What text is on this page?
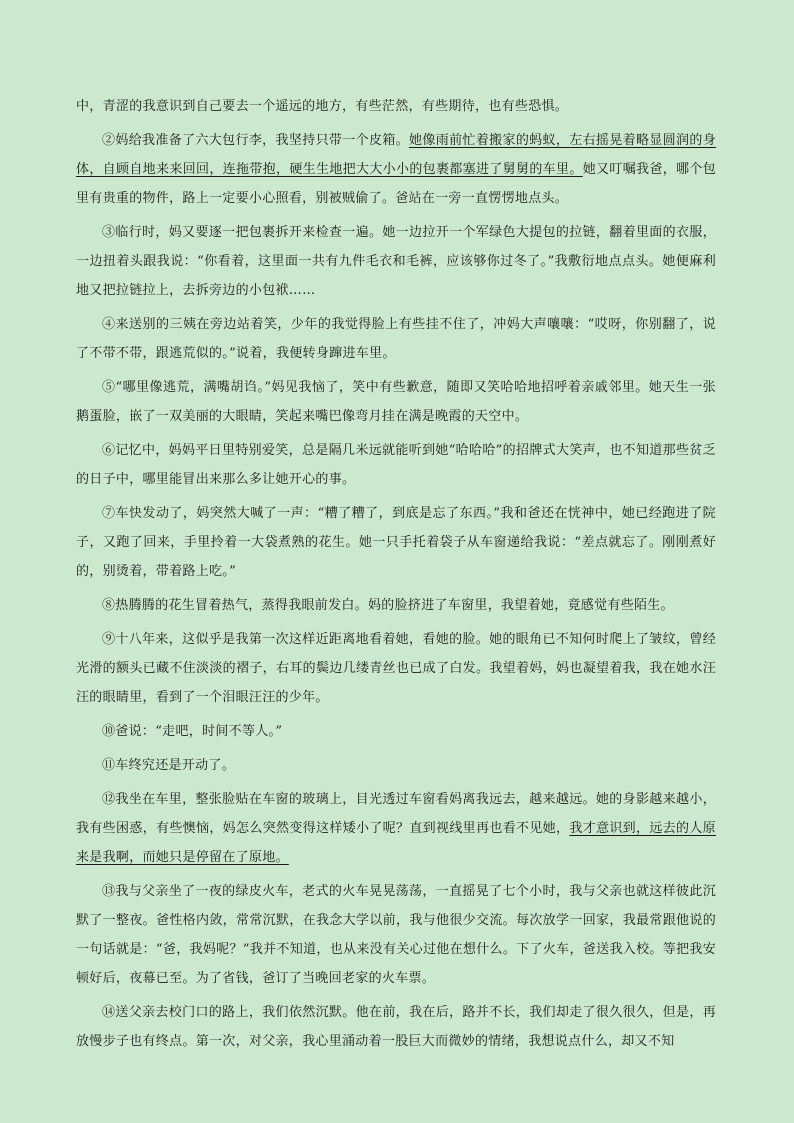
中，青涩的我意识到自己要去一个遥远的地方，有些茫然，有些期待，也有些恐惧。

②妈给我准备了六大包行李，我坚持只带一个皮箱。她像雨前忙着搬家的蚂蚁，左右摇晃着略显圆润的身体，自顾自地来来回回，连拖带抱，硬生生地把大大小小的包裹都塞进了舅舅的车里。她又叮嘱我爸，哪个包里有贵重的物件，路上一定要小心照看，别被贼偷了。爸站在一旁一直愣愣地点头。

③临行时，妈又要逐一把包裹拆开来检查一遍。她一边拉开一个军绿色大提包的拉链，翻着里面的衣服，一边扭着头跟我说：“你看着，这里面一共有九件毛衣和毛裤，应该够你过冬了。”我敷衍地点点头。她便麻利地又把拉链拉上，去拆旁边的小包袱……

④来送别的三姨在旁边站着笑，少年的我觉得脸上有些挂不住了，冲妈大声嚷嚷：“哎呀，你别翻了，说了不带不带，跟逃荒似的。”说着，我便转身蹿进车里。

⑤“哪里像逃荒，满嘴胡诌。”妈见我恼了，笑中有些歉意，随即又笑哈哈地招呼着亲戚邻里。她天生一张鹅蛋脸，嵌了一双美丽的大眼睛，笑起来嘴巴像弯月挂在满是晚霞的天空中。

⑥记忆中，妈妈平日里特别爱笑，总是隔几米远就能听到她“哈哈哈”的招牌式大笑声，也不知道那些贫乏的日子中，哪里能冒出来那么多让她开心的事。

⑦车快发动了，妈突然大喊了一声：“糟了糟了，到底是忘了东西。”我和爸还在恍神中，她已经跑进了院子，又跑了回来，手里拎着一大袋煮熟的花生。她一只手托着袋子从车窗递给我说：“差点就忘了。刚刚煮好的，别烫着，带着路上吃。”

⑧热腾腾的花生冒着热气，蒸得我眼前发白。妈的脸挤进了车窗里，我望着她，竟感觉有些陌生。

⑨十八年来，这似乎是我第一次这样近距离地看着她，看她的脸。她的眼角已不知何时爬上了皱纹，曾经光滑的额头已藏不住淡淡的褶子，右耳的鬓边几缕青丝也已成了白发。我望着妈，妈也凝望着我，我在她水汪汪的眼睛里，看到了一个泪眼汪汪的少年。

⑩爸说：“走吧，时间不等人。”

⑪车终究还是开动了。

⑫我坐在车里，整张脸贴在车窗的玻璃上，目光透过车窗看妈离我远去，越来越远。她的身影越来越小，我有些困惑，有些懊恼，妈怎么突然变得这样矮小了呢？直到视线里再也看不见她，我才意识到，远去的人原来是我啊，而她只是停留在了原地。

⑬我与父亲坐了一夜的绿皮火车，老式的火车晃晃荡荡，一直摇晃了七个小时，我与父亲也就这样彼此沉默了一整夜。爸性格内敛，常常沉默，在我念大学以前，我与他很少交流。每次放学一回家，我最常跟他说的一句话就是：“爸，我妈呢？”我并不知道，也从来没有关心过他在想什么。下了火车，爸送我入校。等把我安顿好后，夜幕已至。为了省钱，爸订了当晚回老家的火车票。

⑭送父亲去校门口的路上，我们依然沉默。他在前，我在后，路并不长，我们却走了很久很久，但是，再放慢步子也有终点。第一次，对父亲，我心里涌动着一股巨大而微妙的情绪，我想说点什么，却又不知
